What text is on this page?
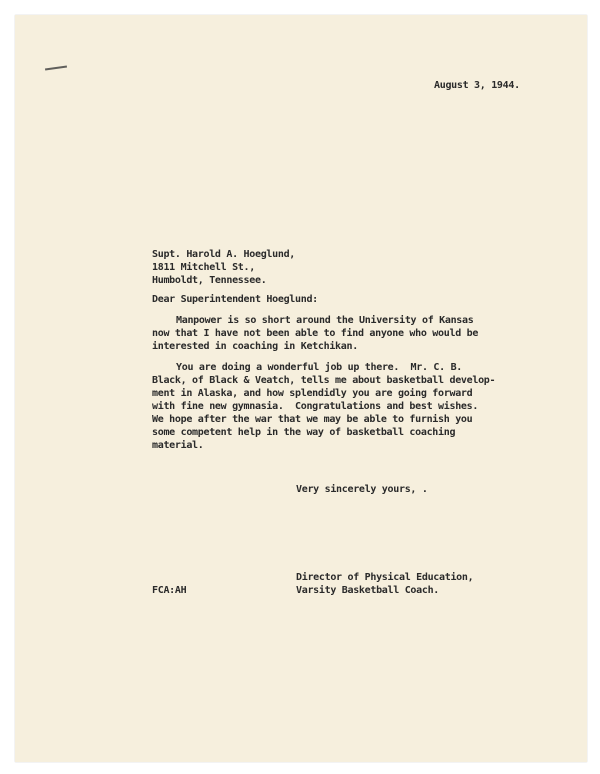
August 3, 1944.
Supt. Harold A. Hoeglund,
1811 Mitchell St.,
Humboldt, Tennessee.
Dear Superintendent Hoeglund:
Manpower is so short around the University of Kansas
now that I have not been able to find anyone who would be
interested in coaching in Ketchikan.
You are doing a wonderful job up there.  Mr. C. B.
Black, of Black & Veatch, tells me about basketball develop-
ment in Alaska, and how splendidly you are going forward
with fine new gymnasia.  Congratulations and best wishes.
We hope after the war that we may be able to furnish you
some competent help in the way of basketball coaching
material.
Very sincerely yours, .
FCA:AH
Director of Physical Education,
Varsity Basketball Coach.
